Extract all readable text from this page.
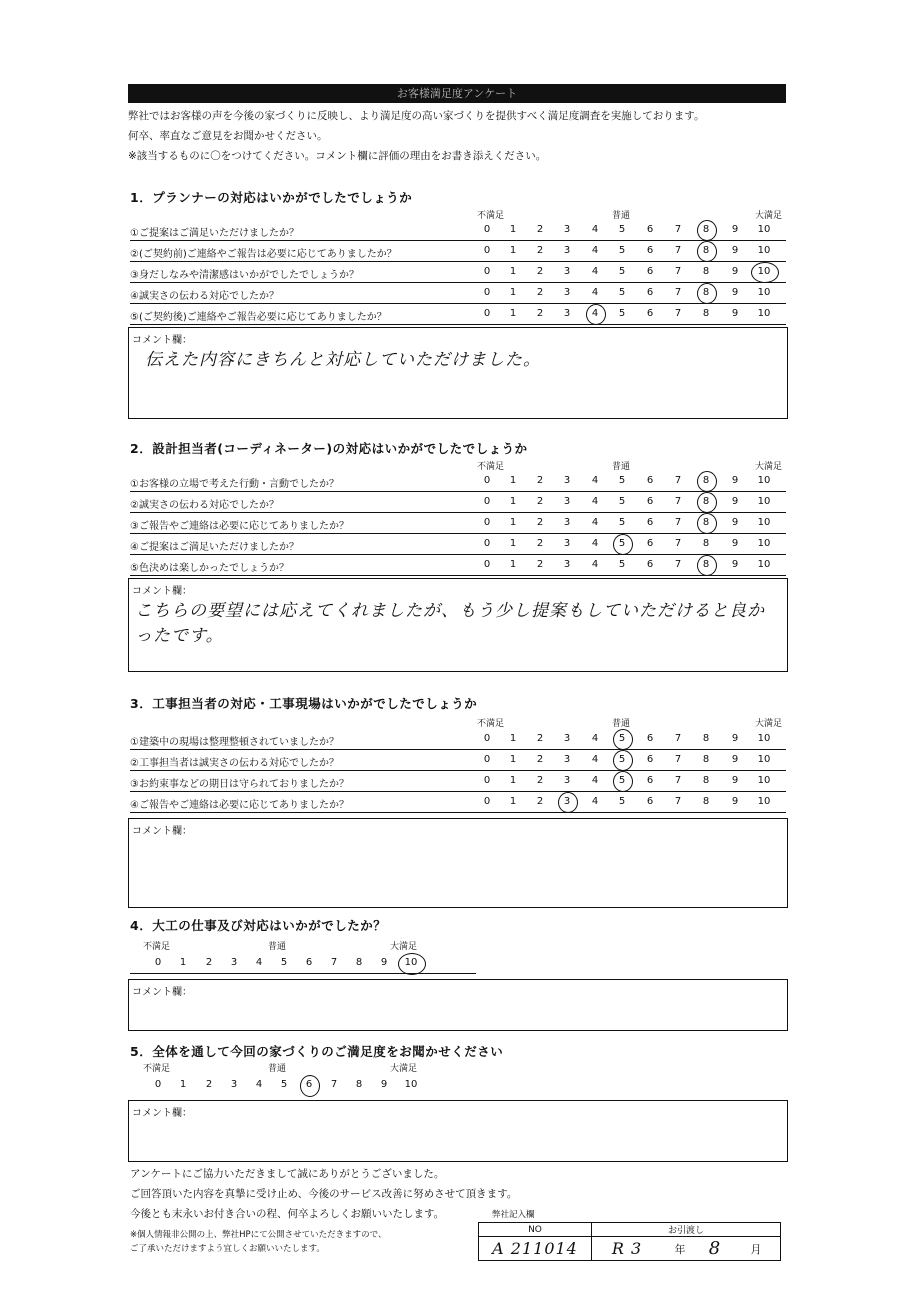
お客様満足度アンケート
弊社ではお客様の声を今後の家づくりに反映し、より満足度の高い家づくりを提供すべく満足度調査を実施しております。
何卒、率直なご意見をお聞かせください。
※該当するものに〇をつけてください。コメント欄に評価の理由をお書き添えください。
1．プランナーの対応はいかがでしたでしょうか
不満足	普通	大満足
①ご提案はご満足いただけましたか？	0	1	2	3	4	5	6	7	8	9	10
②(ご契約前)ご連絡やご報告は必要に応じてありましたか？	0	1	2	3	4	5	6	7	8	9	10
③身だしなみや清潔感はいかがでしたでしょうか？	0	1	2	3	4	5	6	7	8	9	10
④誠実さの伝わる対応でしたか？	0	1	2	3	4	5	6	7	8	9	10
⑤(ご契約後)ご連絡やご報告必要に応じてありましたか？	0	1	2	3	4	5	6	7	8	9	10
コメント欄：
伝えた内容にきちんと対応していただけました。
2．設計担当者(コーディネーター)の対応はいかがでしたでしょうか
不満足	普通	大満足
①お客様の立場で考えた行動・言動でしたか？	0	1	2	3	4	5	6	7	8	9	10
②誠実さの伝わる対応でしたか？	0	1	2	3	4	5	6	7	8	9	10
③ご報告やご連絡は必要に応じてありましたか？	0	1	2	3	4	5	6	7	8	9	10
④ご提案はご満足いただけましたか？	0	1	2	3	4	5	6	7	8	9	10
⑤色決めは楽しかったでしょうか？	0	1	2	3	4	5	6	7	8	9	10
コメント欄：
こちらの要望には応えてくれましたが、もう少し提案もしていただけると良かったです。
3．工事担当者の対応・工事現場はいかがでしたでしょうか
不満足	普通	大満足
①建築中の現場は整理整頓されていましたか？	0	1	2	3	4	5	6	7	8	9	10
②工事担当者は誠実さの伝わる対応でしたか？	0	1	2	3	4	5	6	7	8	9	10
③お約束事などの期日は守られておりましたか？	0	1	2	3	4	5	6	7	8	9	10
④ご報告やご連絡は必要に応じてありましたか？	0	1	2	3	4	5	6	7	8	9	10
コメント欄：
4．大工の仕事及び対応はいかがでしたか？
不満足	普通	大満足
0	1	2	3	4	5	6	7	8	9	10
コメント欄：
5．全体を通して今回の家づくりのご満足度をお聞かせください
不満足	普通	大満足
0	1	2	3	4	5	6	7	8	9	10
コメント欄：
アンケートにご協力いただきまして誠にありがとうございました。
ご回答頂いた内容を真摯に受け止め、今後のサービス改善に努めさせて頂きます。
今後とも末永いお付き合いの程、何卒よろしくお願いいたします。
※個人情報非公開の上、弊社HPにて公開させていただきますので、
ご了承いただけますよう宜しくお願いいたします。
弊社記入欄
NO	お引渡し			
A 211014	R 3	年	8	月
